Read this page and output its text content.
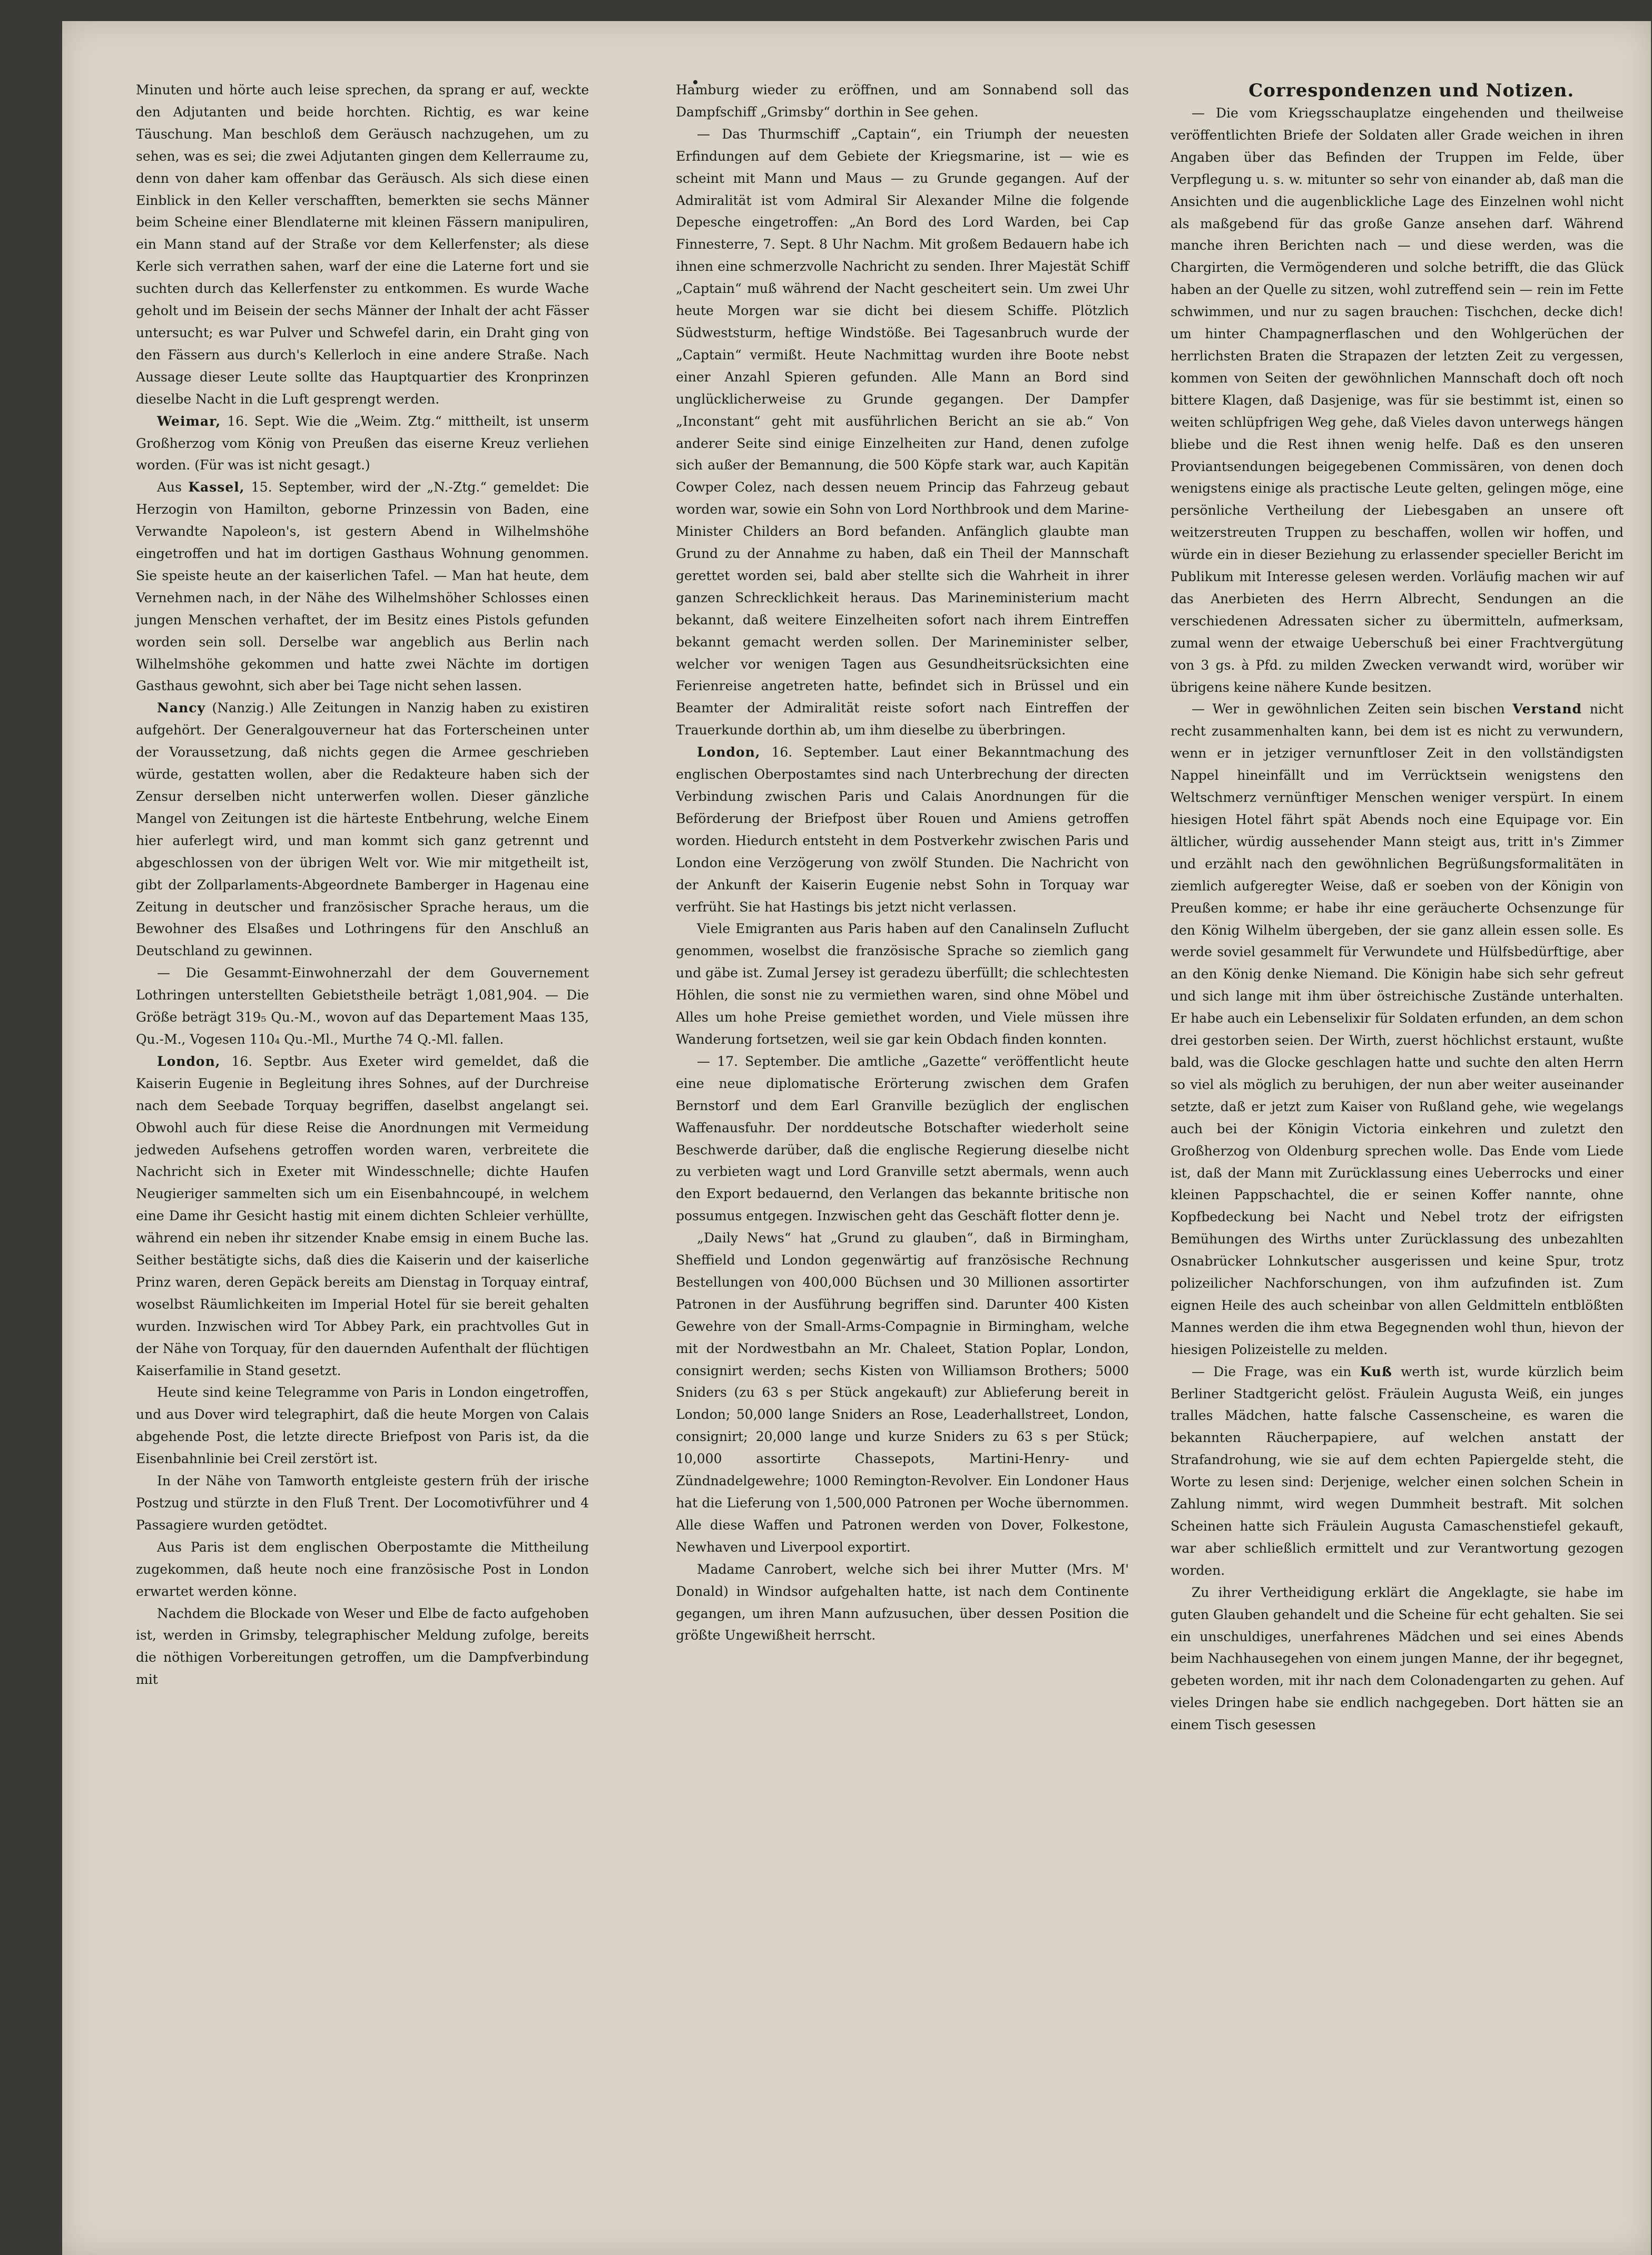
Minuten und hörte auch leise sprechen, da sprang er auf, weckte den Adjutanten und beide horchten. Richtig, es war keine Täuschung. Man beschloß dem Geräusch nachzugehen, um zu sehen, was es sei; die zwei Adjutanten gingen dem Kellerraume zu, denn von daher kam offenbar das Geräusch. Als sich diese einen Einblick in den Keller verschafften, bemerkten sie sechs Männer beim Scheine einer Blendlaterne mit kleinen Fässern manipuliren, ein Mann stand auf der Straße vor dem Kellerfenster; als diese Kerle sich verrathen sahen, warf der eine die Laterne fort und sie suchten durch das Kellerfenster zu entkommen. Es wurde Wache geholt und im Beisein der sechs Männer der Inhalt der acht Fässer untersucht; es war Pulver und Schwefel darin, ein Draht ging von den Fässern aus durch's Kellerloch in eine andere Straße. Nach Aussage dieser Leute sollte das Hauptquartier des Kronprinzen dieselbe Nacht in die Luft gesprengt werden.

Weimar, 16. Sept. Wie die „Weim. Ztg.“ mittheilt, ist unserm Großherzog vom König von Preußen das eiserne Kreuz verliehen worden. (Für was ist nicht gesagt.)

Aus Kassel, 15. September, wird der „N.-Ztg.“ gemeldet: Die Herzogin von Hamilton, geborne Prinzessin von Baden, eine Verwandte Napoleon's, ist gestern Abend in Wilhelmshöhe eingetroffen und hat im dortigen Gasthaus Wohnung genommen. Sie speiste heute an der kaiserlichen Tafel. — Man hat heute, dem Vernehmen nach, in der Nähe des Wilhelmshöher Schlosses einen jungen Menschen verhaftet, der im Besitz eines Pistols gefunden worden sein soll. Derselbe war angeblich aus Berlin nach Wilhelmshöhe gekommen und hatte zwei Nächte im dortigen Gasthaus gewohnt, sich aber bei Tage nicht sehen lassen.

Nancy (Nanzig.) Alle Zeitungen in Nanzig haben zu existiren aufgehört. Der Generalgouverneur hat das Forterscheinen unter der Voraussetzung, daß nichts gegen die Armee geschrieben würde, gestatten wollen, aber die Redakteure haben sich der Zensur derselben nicht unterwerfen wollen. Dieser gänzliche Mangel von Zeitungen ist die härteste Entbehrung, welche Einem hier auferlegt wird, und man kommt sich ganz getrennt und abgeschlossen von der übrigen Welt vor. Wie mir mitgetheilt ist, gibt der Zollparlaments-Abgeordnete Bamberger in Hagenau eine Zeitung in deutscher und französischer Sprache heraus, um die Bewohner des Elsaßes und Lothringens für den Anschluß an Deutschland zu gewinnen.

— Die Gesammt-Einwohnerzahl der dem Gouvernement Lothringen unterstellten Gebietstheile beträgt 1,081,904. — Die Größe beträgt 319₅ Qu.-M., wovon auf das Departement Maas 135, Qu.-M., Vogesen 110₄ Qu.-Ml., Murthe 74 Q.-Ml. fallen.

London, 16. Septbr. Aus Exeter wird gemeldet, daß die Kaiserin Eugenie in Begleitung ihres Sohnes, auf der Durchreise nach dem Seebade Torquay begriffen, daselbst angelangt sei. Obwohl auch für diese Reise die Anordnungen mit Vermeidung jedweden Aufsehens getroffen worden waren, verbreitete die Nachricht sich in Exeter mit Windesschnelle; dichte Haufen Neugieriger sammelten sich um ein Eisenbahncoupé, in welchem eine Dame ihr Gesicht hastig mit einem dichten Schleier verhüllte, während ein neben ihr sitzender Knabe emsig in einem Buche las. Seither bestätigte sichs, daß dies die Kaiserin und der kaiserliche Prinz waren, deren Gepäck bereits am Dienstag in Torquay eintraf, woselbst Räumlichkeiten im Imperial Hotel für sie bereit gehalten wurden. Inzwischen wird Tor Abbey Park, ein prachtvolles Gut in der Nähe von Torquay, für den dauernden Aufenthalt der flüchtigen Kaiserfamilie in Stand gesetzt.

Heute sind keine Telegramme von Paris in London eingetroffen, und aus Dover wird telegraphirt, daß die heute Morgen von Calais abgehende Post, die letzte directe Briefpost von Paris ist, da die Eisenbahnlinie bei Creil zerstört ist.

In der Nähe von Tamworth entgleiste gestern früh der irische Postzug und stürzte in den Fluß Trent. Der Locomotivführer und 4 Passagiere wurden getödtet.

Aus Paris ist dem englischen Oberpostamte die Mittheilung zugekommen, daß heute noch eine französische Post in London erwartet werden könne.

Nachdem die Blockade von Weser und Elbe de facto aufgehoben ist, werden in Grimsby, telegraphischer Meldung zufolge, bereits die nöthigen Vorbereitungen getroffen, um die Dampfverbindung mit

Hamburg wieder zu eröffnen, und am Sonnabend soll das Dampfschiff „Grimsby“ dorthin in See gehen.

— Das Thurmschiff „Captain“, ein Triumph der neuesten Erfindungen auf dem Gebiete der Kriegsmarine, ist — wie es scheint mit Mann und Maus — zu Grunde gegangen. Auf der Admiralität ist vom Admiral Sir Alexander Milne die folgende Depesche eingetroffen: „An Bord des Lord Warden, bei Cap Finnesterre, 7. Sept. 8 Uhr Nachm. Mit großem Bedauern habe ich ihnen eine schmerzvolle Nachricht zu senden. Ihrer Majestät Schiff „Captain“ muß während der Nacht gescheitert sein. Um zwei Uhr heute Morgen war sie dicht bei diesem Schiffe. Plötzlich Südweststurm, heftige Windstöße. Bei Tagesanbruch wurde der „Captain“ vermißt. Heute Nachmittag wurden ihre Boote nebst einer Anzahl Spieren gefunden. Alle Mann an Bord sind unglücklicherweise zu Grunde gegangen. Der Dampfer „Inconstant“ geht mit ausführlichen Bericht an sie ab.“ Von anderer Seite sind einige Einzelheiten zur Hand, denen zufolge sich außer der Bemannung, die 500 Köpfe stark war, auch Kapitän Cowper Colez, nach dessen neuem Princip das Fahrzeug gebaut worden war, sowie ein Sohn von Lord Northbrook und dem Marine-Minister Childers an Bord befanden. Anfänglich glaubte man Grund zu der Annahme zu haben, daß ein Theil der Mannschaft gerettet worden sei, bald aber stellte sich die Wahrheit in ihrer ganzen Schrecklichkeit heraus. Das Marineministerium macht bekannt, daß weitere Einzelheiten sofort nach ihrem Eintreffen bekannt gemacht werden sollen. Der Marineminister selber, welcher vor wenigen Tagen aus Gesundheitsrücksichten eine Ferienreise angetreten hatte, befindet sich in Brüssel und ein Beamter der Admiralität reiste sofort nach Eintreffen der Trauerkunde dorthin ab, um ihm dieselbe zu überbringen.

London, 16. September. Laut einer Bekanntmachung des englischen Oberpostamtes sind nach Unterbrechung der directen Verbindung zwischen Paris und Calais Anordnungen für die Beförderung der Briefpost über Rouen und Amiens getroffen worden. Hiedurch entsteht in dem Postverkehr zwischen Paris und London eine Verzögerung von zwölf Stunden. Die Nachricht von der Ankunft der Kaiserin Eugenie nebst Sohn in Torquay war verfrüht. Sie hat Hastings bis jetzt nicht verlassen.

Viele Emigranten aus Paris haben auf den Canalinseln Zuflucht genommen, woselbst die französische Sprache so ziemlich gang und gäbe ist. Zumal Jersey ist geradezu überfüllt; die schlechtesten Höhlen, die sonst nie zu vermiethen waren, sind ohne Möbel und Alles um hohe Preise gemiethet worden, und Viele müssen ihre Wanderung fortsetzen, weil sie gar kein Obdach finden konnten.

— 17. September. Die amtliche „Gazette“ veröffentlicht heute eine neue diplomatische Erörterung zwischen dem Grafen Bernstorf und dem Earl Granville bezüglich der englischen Waffenausfuhr. Der norddeutsche Botschafter wiederholt seine Beschwerde darüber, daß die englische Regierung dieselbe nicht zu verbieten wagt und Lord Granville setzt abermals, wenn auch den Export bedauernd, den Verlangen das bekannte britische non possumus entgegen. Inzwischen geht das Geschäft flotter denn je.

„Daily News“ hat „Grund zu glauben“, daß in Birmingham, Sheffield und London gegenwärtig auf französische Rechnung Bestellungen von 400,000 Büchsen und 30 Millionen assortirter Patronen in der Ausführung begriffen sind. Darunter 400 Kisten Gewehre von der Small-Arms-Compagnie in Birmingham, welche mit der Nordwestbahn an Mr. Chaleet, Station Poplar, London, consignirt werden; sechs Kisten von Williamson Brothers; 5000 Sniders (zu 63 s per Stück angekauft) zur Ablieferung bereit in London; 50,000 lange Sniders an Rose, Leaderhallstreet, London, consignirt; 20,000 lange und kurze Sniders zu 63 s per Stück; 10,000 assortirte Chassepots, Martini-Henry- und Zündnadelgewehre; 1000 Remington-Revolver. Ein Londoner Haus hat die Lieferung von 1,500,000 Patronen per Woche übernommen. Alle diese Waffen und Patronen werden von Dover, Folkestone, Newhaven und Liverpool exportirt.

Madame Canrobert, welche sich bei ihrer Mutter (Mrs. M' Donald) in Windsor aufgehalten hatte, ist nach dem Continente gegangen, um ihren Mann aufzusuchen, über dessen Position die größte Ungewißheit herrscht.

Correspondenzen und Notizen.

— Die vom Kriegsschauplatze eingehenden und theilweise veröffentlichten Briefe der Soldaten aller Grade weichen in ihren Angaben über das Befinden der Truppen im Felde, über Verpflegung u. s. w. mitunter so sehr von einander ab, daß man die Ansichten und die augenblickliche Lage des Einzelnen wohl nicht als maßgebend für das große Ganze ansehen darf. Während manche ihren Berichten nach — und diese werden, was die Chargirten, die Vermögenderen und solche betrifft, die das Glück haben an der Quelle zu sitzen, wohl zutreffend sein — rein im Fette schwimmen, und nur zu sagen brauchen: Tischchen, decke dich! um hinter Champagnerflaschen und den Wohlgerüchen der herrlichsten Braten die Strapazen der letzten Zeit zu vergessen, kommen von Seiten der gewöhnlichen Mannschaft doch oft noch bittere Klagen, daß Dasjenige, was für sie bestimmt ist, einen so weiten schlüpfrigen Weg gehe, daß Vieles davon unterwegs hängen bliebe und die Rest ihnen wenig helfe. Daß es den unseren Proviantsendungen beigegebenen Commissären, von denen doch wenigstens einige als practische Leute gelten, gelingen möge, eine persönliche Vertheilung der Liebesgaben an unsere oft weitzerstreuten Truppen zu beschaffen, wollen wir hoffen, und würde ein in dieser Beziehung zu erlassender specieller Bericht im Publikum mit Interesse gelesen werden. Vorläufig machen wir auf das Anerbieten des Herrn Albrecht, Sendungen an die verschiedenen Adressaten sicher zu übermitteln, aufmerksam, zumal wenn der etwaige Ueberschuß bei einer Frachtvergütung von 3 gs. à Pfd. zu milden Zwecken verwandt wird, worüber wir übrigens keine nähere Kunde besitzen.

— Wer in gewöhnlichen Zeiten sein bischen Verstand nicht recht zusammenhalten kann, bei dem ist es nicht zu verwundern, wenn er in jetziger vernunftloser Zeit in den vollständigsten Nappel hineinfällt und im Verrücktsein wenigstens den Weltschmerz vernünftiger Menschen weniger verspürt. In einem hiesigen Hotel fährt spät Abends noch eine Equipage vor. Ein ältlicher, würdig aussehender Mann steigt aus, tritt in's Zimmer und erzählt nach den gewöhnlichen Begrüßungsformalitäten in ziemlich aufgeregter Weise, daß er soeben von der Königin von Preußen komme; er habe ihr eine geräucherte Ochsenzunge für den König Wilhelm übergeben, der sie ganz allein essen solle. Es werde soviel gesammelt für Verwundete und Hülfsbedürftige, aber an den König denke Niemand. Die Königin habe sich sehr gefreut und sich lange mit ihm über östreichische Zustände unterhalten. Er habe auch ein Lebenselixir für Soldaten erfunden, an dem schon drei gestorben seien. Der Wirth, zuerst höchlichst erstaunt, wußte bald, was die Glocke geschlagen hatte und suchte den alten Herrn so viel als möglich zu beruhigen, der nun aber weiter auseinander setzte, daß er jetzt zum Kaiser von Rußland gehe, wie wegelangs auch bei der Königin Victoria einkehren und zuletzt den Großherzog von Oldenburg sprechen wolle. Das Ende vom Liede ist, daß der Mann mit Zurücklassung eines Ueberrocks und einer kleinen Pappschachtel, die er seinen Koffer nannte, ohne Kopfbedeckung bei Nacht und Nebel trotz der eifrigsten Bemühungen des Wirths unter Zurücklassung des unbezahlten Osnabrücker Lohnkutscher ausgerissen und keine Spur, trotz polizeilicher Nachforschungen, von ihm aufzufinden ist. Zum eignen Heile des auch scheinbar von allen Geldmitteln entblößten Mannes werden die ihm etwa Begegnenden wohl thun, hievon der hiesigen Polizeistelle zu melden.

— Die Frage, was ein Kuß werth ist, wurde kürzlich beim Berliner Stadtgericht gelöst. Fräulein Augusta Weiß, ein junges tralles Mädchen, hatte falsche Cassenscheine, es waren die bekannten Räucherpapiere, auf welchen anstatt der Strafandrohung, wie sie auf dem echten Papiergelde steht, die Worte zu lesen sind: Derjenige, welcher einen solchen Schein in Zahlung nimmt, wird wegen Dummheit bestraft. Mit solchen Scheinen hatte sich Fräulein Augusta Camaschenstiefel gekauft, war aber schließlich ermittelt und zur Verantwortung gezogen worden.

Zu ihrer Vertheidigung erklärt die Angeklagte, sie habe im guten Glauben gehandelt und die Scheine für echt gehalten. Sie sei ein unschuldiges, unerfahrenes Mädchen und sei eines Abends beim Nachhausegehen von einem jungen Manne, der ihr begegnet, gebeten worden, mit ihr nach dem Colonadengarten zu gehen. Auf vieles Dringen habe sie endlich nachgegeben. Dort hätten sie an einem Tisch gesessen
